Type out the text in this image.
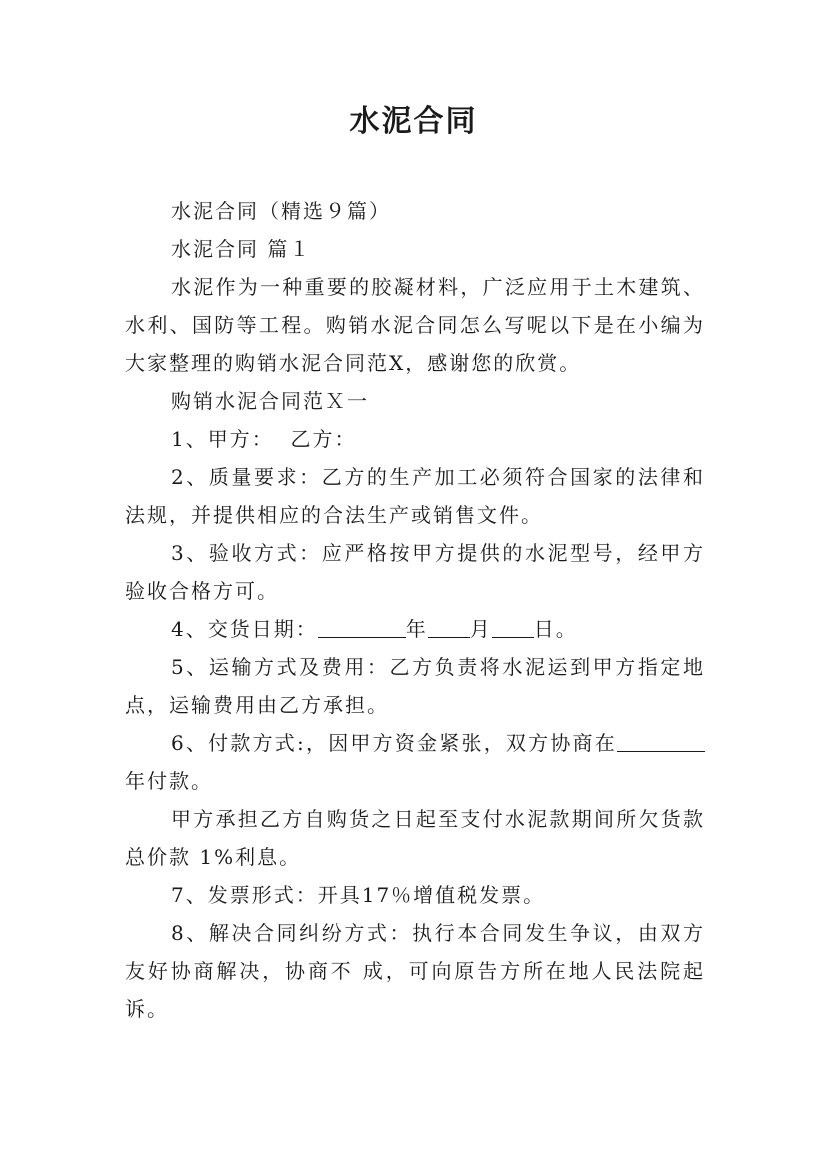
水泥合同

水泥合同（精选９篇）

水泥合同 篇１

水泥作为一种重要的胶凝材料，广泛应用于土木建筑、水利、国防等工程。购销水泥合同怎么写呢以下是在小编为大家整理的购销水泥合同范X，感谢您的欣赏。

购销水泥合同范Ｘ一

1、甲方：  乙方：

2、质量要求：乙方的生产加工必须符合国家的法律和法规，并提供相应的合法生产或销售文件。

3、验收方式：应严格按甲方提供的水泥型号，经甲方验收合格方可。

4、交货日期：	年 月 日。

5、运输方式及费用：乙方负责将水泥运到甲方指定地点，运输费用由乙方承担。

6、付款方式:，因甲方资金紧张，双方协商在年付款。

甲方承担乙方自购货之日起至支付水泥款期间所欠货款总价款 1%利息。

7、发票形式：开具17％增值税发票。

8、解决合同纠纷方式：执行本合同发生争议，由双方友好协商解决，协商不 成，可向原告方所在地人民法院起诉。
